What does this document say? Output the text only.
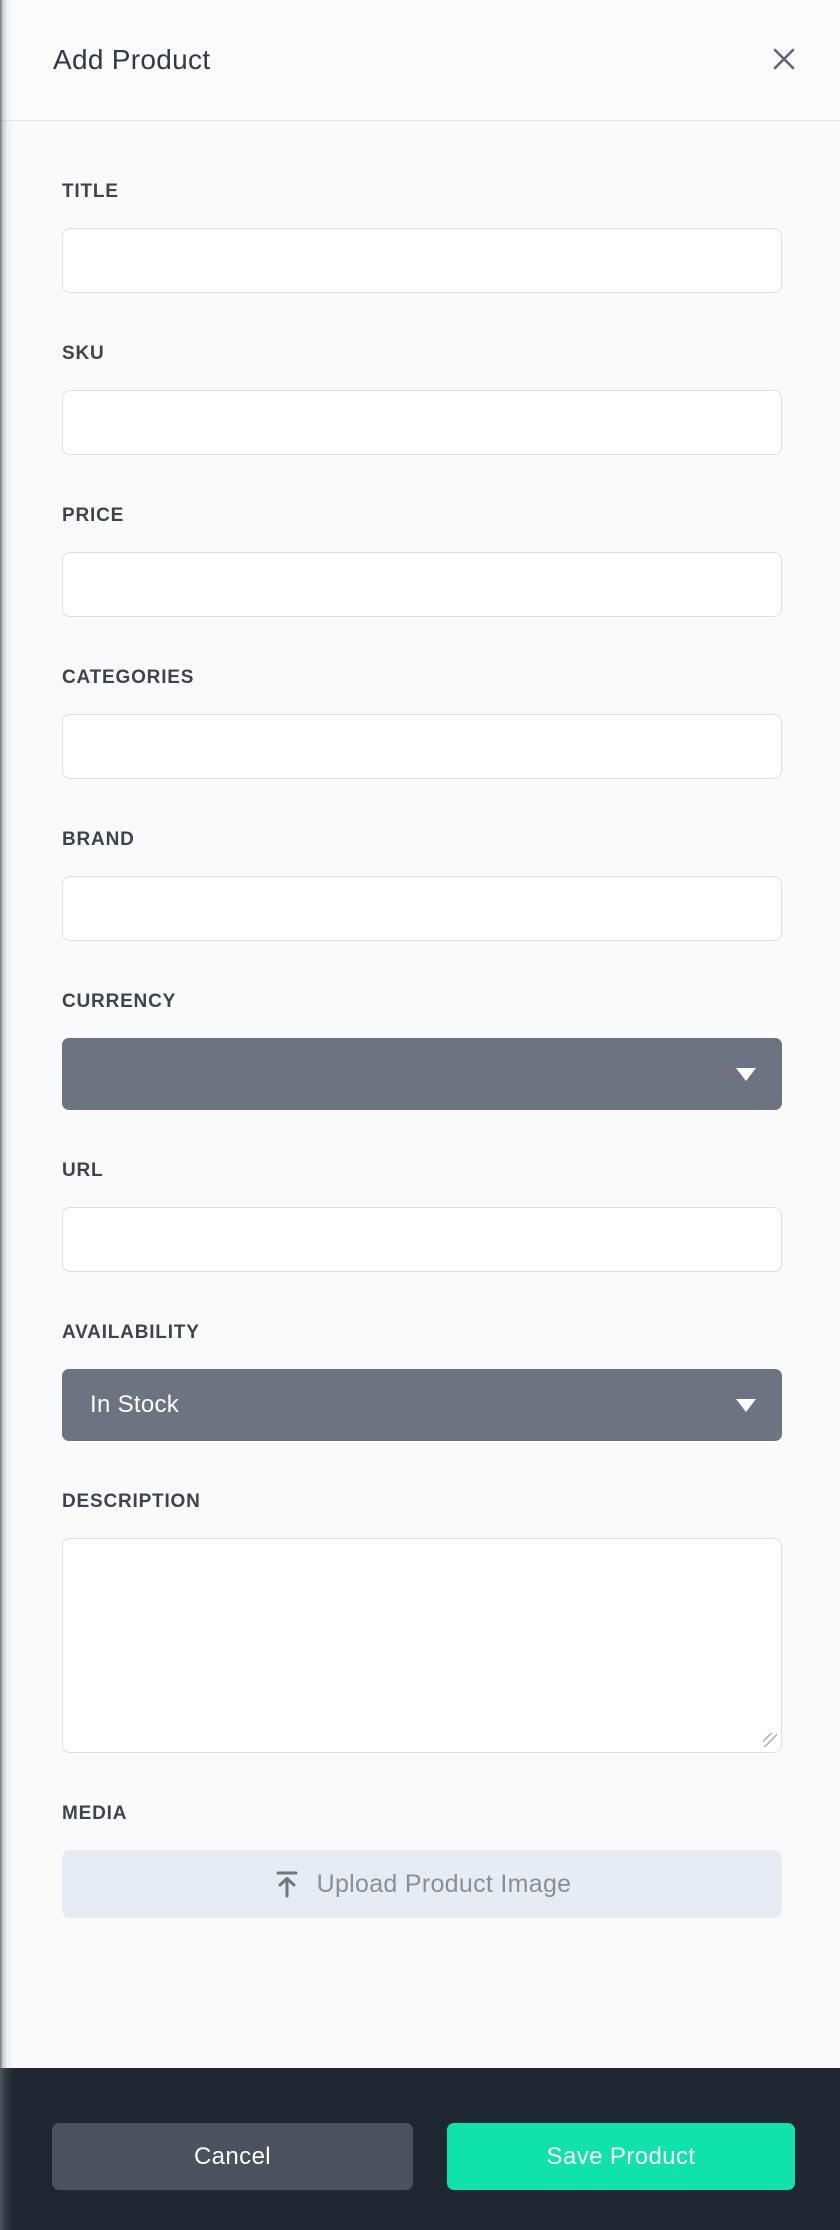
Add Product
TITLE
SKU
PRICE
CATEGORIES
BRAND
CURRENCY
URL
AVAILABILITY
In Stock
DESCRIPTION
MEDIA
Upload Product Image
Cancel	Save Product
